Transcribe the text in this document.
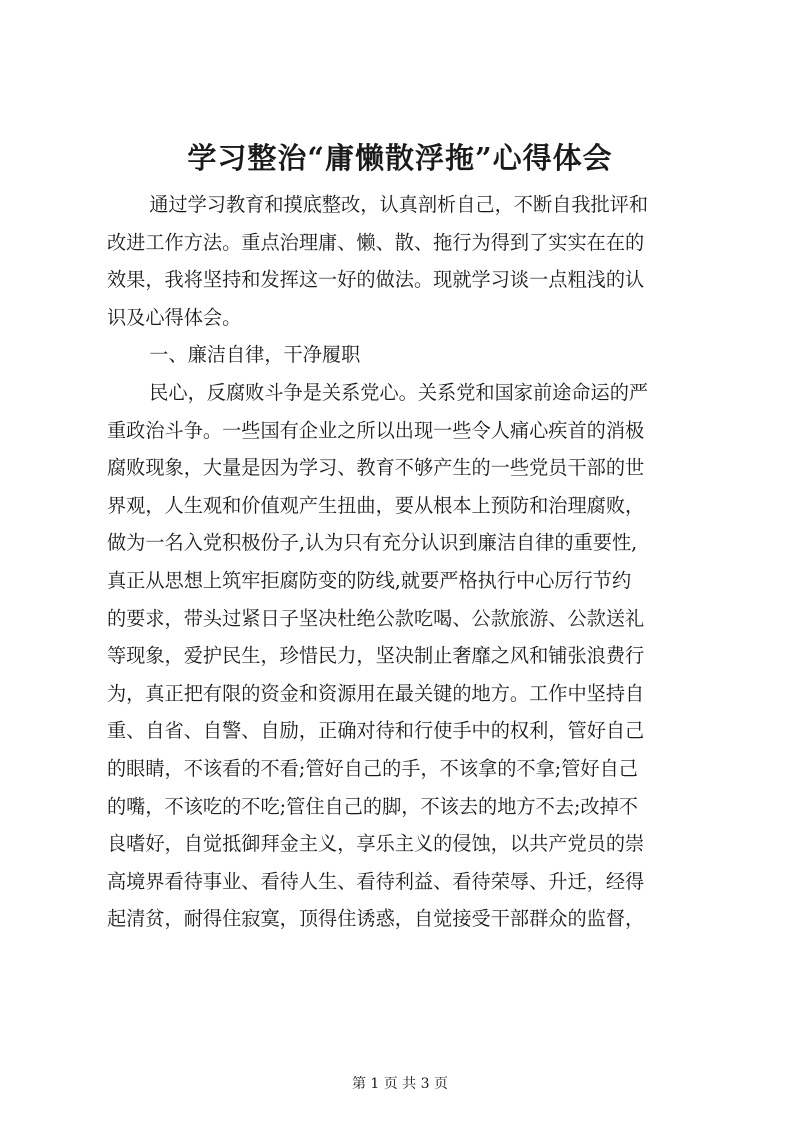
学习整治“庸懒散浮拖”心得体会

通过学习教育和摸底整改，认真剖析自己，不断自我批评和

改进工作方法。重点治理庸、懒、散、拖行为得到了实实在在的
效果，我将坚持和发挥这一好的做法。现就学习谈一点粗浅的认
识及心得体会。

一、廉洁自律，干净履职

民心，反腐败斗争是关系党心。关系党和国家前途命运的严

重政治斗争。一些国有企业之所以出现一些令人痛心疾首的消极
腐败现象，大量是因为学习、教育不够产生的一些党员干部的世
界观，人生观和价值观产生扭曲，要从根本上预防和治理腐败，
做为一名入党积极份子,认为只有充分认识到廉洁自律的重要性,
真正从思想上筑牢拒腐防变的防线,就要严格执行中心厉行节约
的要求，带头过紧日子坚决杜绝公款吃喝、公款旅游、公款送礼
等现象，爱护民生，珍惜民力，坚决制止奢靡之风和铺张浪费行
为，真正把有限的资金和资源用在最关键的地方。工作中坚持自
重、自省、自警、自励，正确对待和行使手中的权利，管好自己
的眼睛，不该看的不看;管好自己的手，不该拿的不拿;管好自己
的嘴，不该吃的不吃;管住自己的脚，不该去的地方不去;改掉不
良嗜好，自觉抵御拜金主义，享乐主义的侵蚀，以共产党员的崇
高境界看待事业、看待人生、看待利益、看待荣辱、升迁，经得
起清贫，耐得住寂寞，顶得住诱惑，自觉接受干部群众的监督，
第 1 页 共 3 页
